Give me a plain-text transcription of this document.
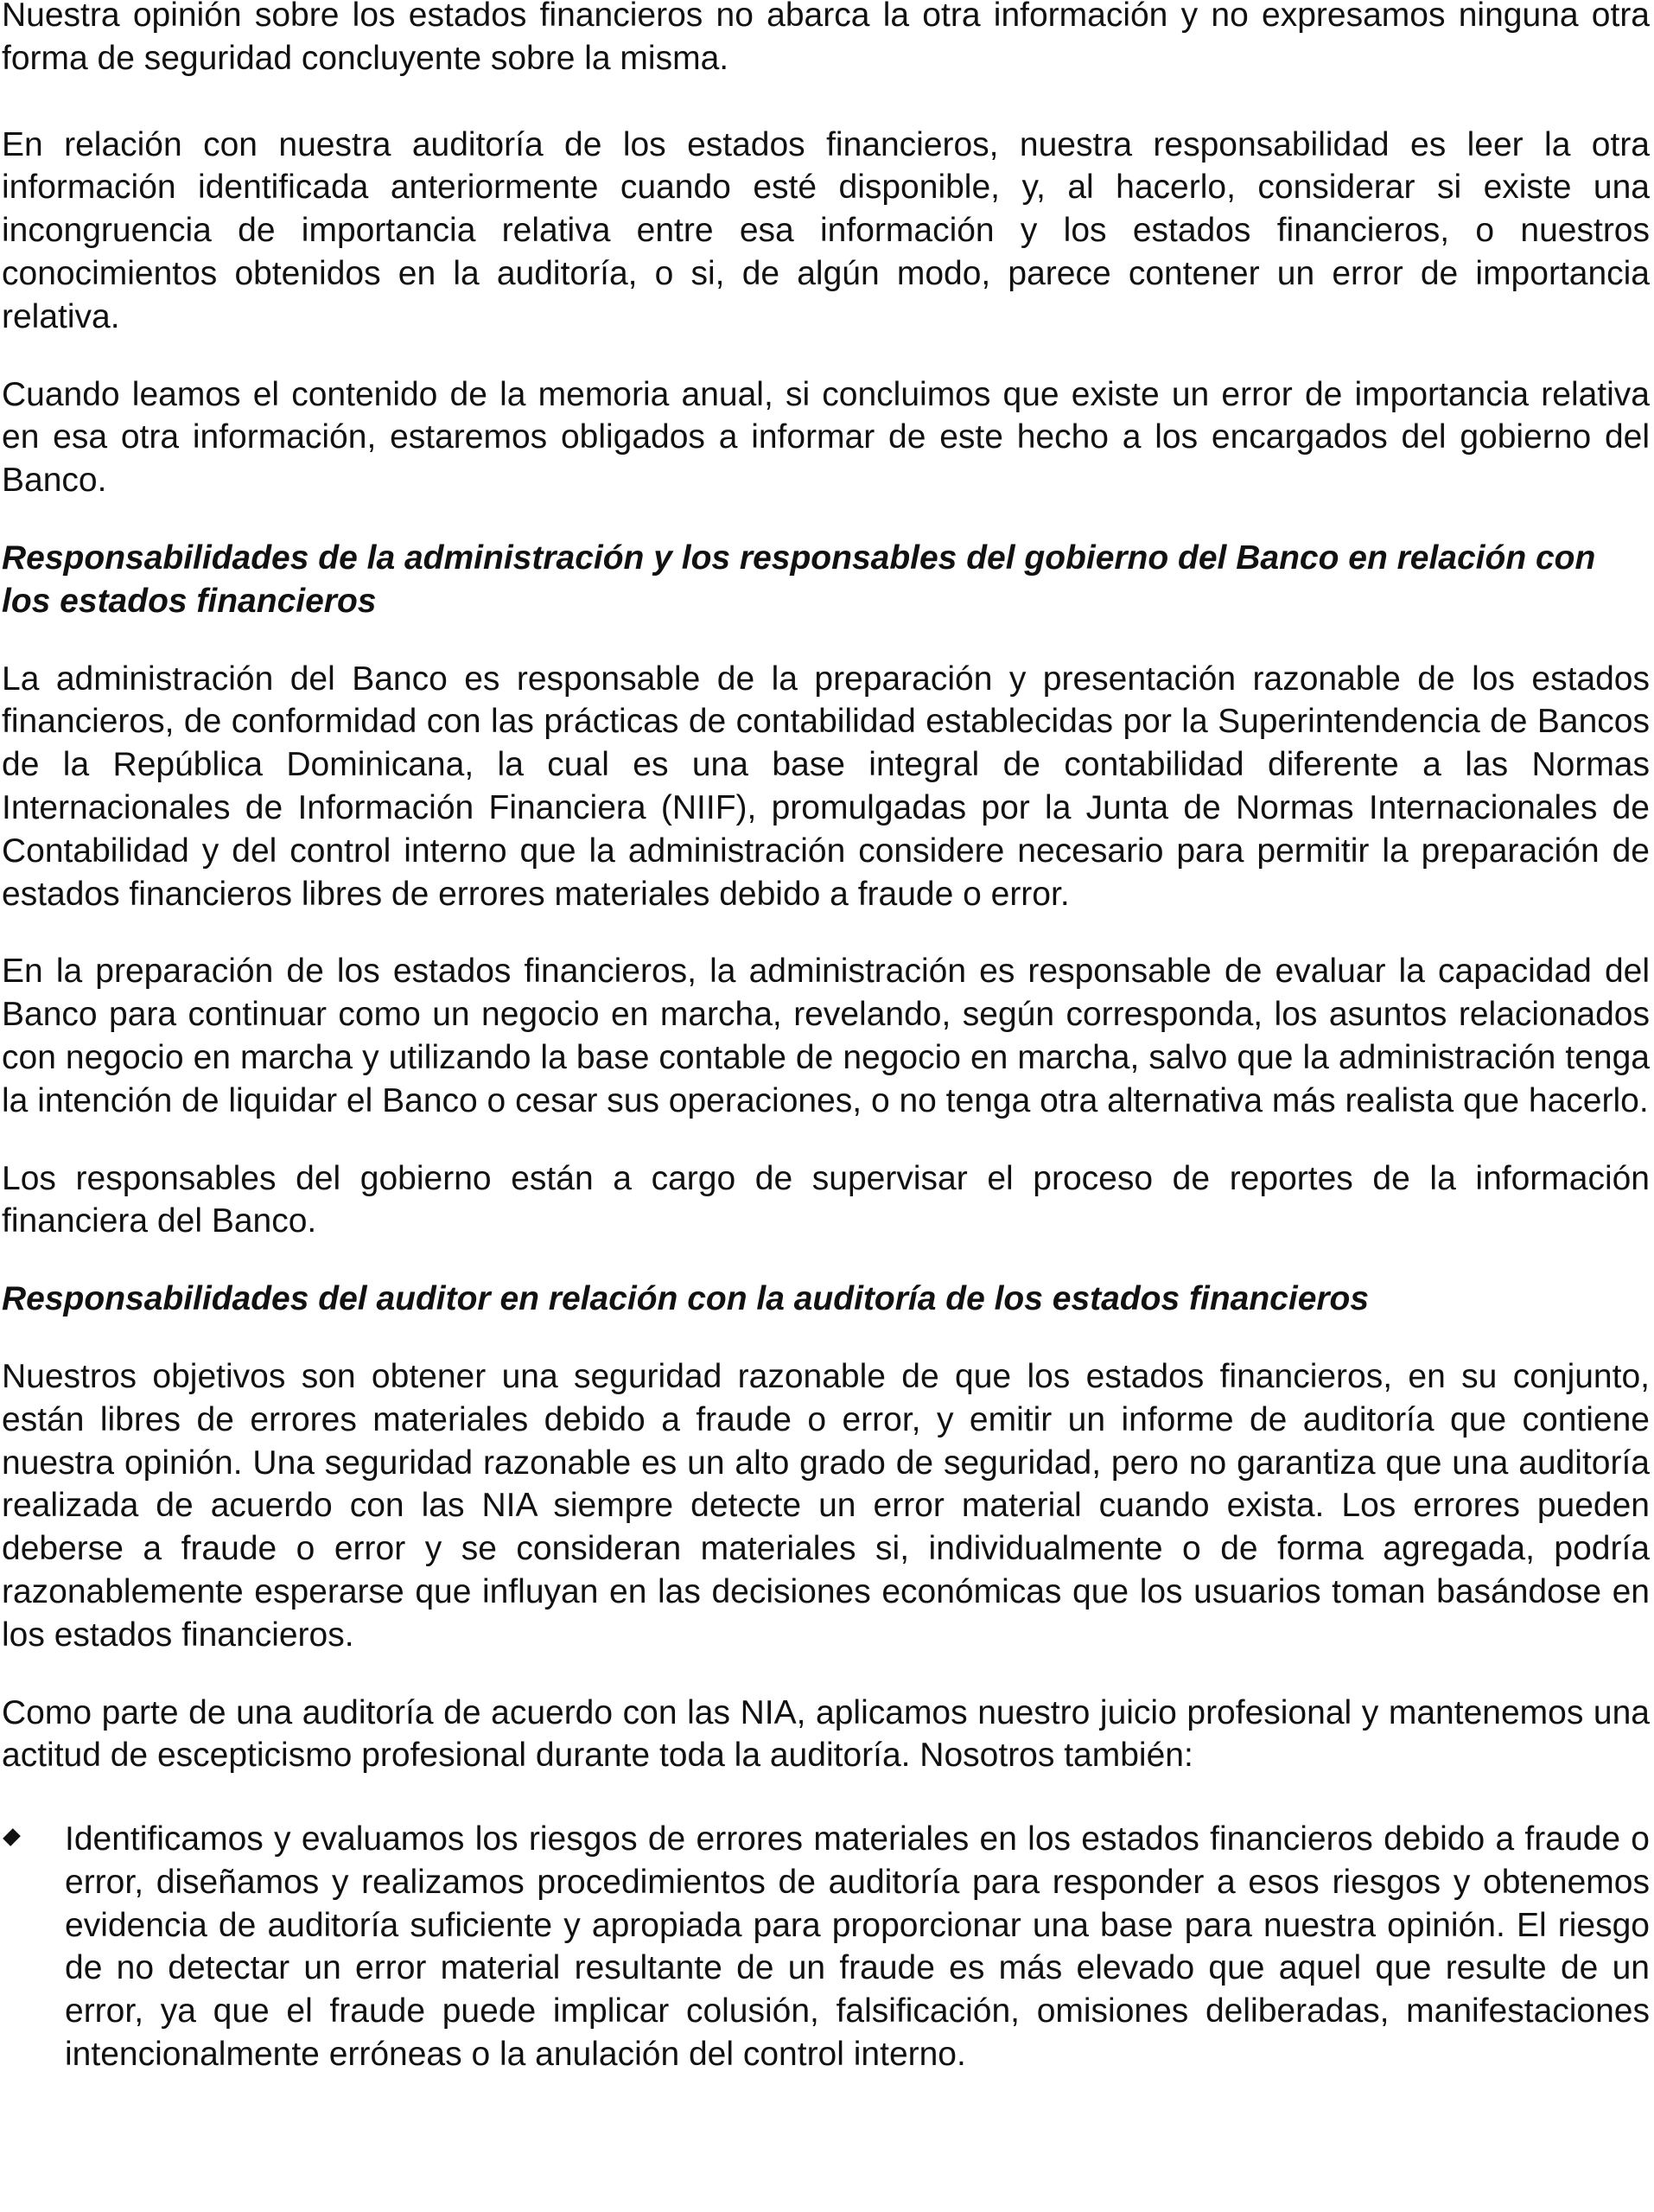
Nuestra opinión sobre los estados financieros no abarca la otra información y no expresamos ninguna otra forma de seguridad concluyente sobre la misma.

En relación con nuestra auditoría de los estados financieros, nuestra responsabilidad es leer la otra información identificada anteriormente cuando esté disponible, y, al hacerlo, considerar si existe una incongruencia de importancia relativa entre esa información y los estados financieros, o nuestros conocimientos obtenidos en la auditoría, o si, de algún modo, parece contener un error de importancia relativa.

Cuando leamos el contenido de la memoria anual, si concluimos que existe un error de importancia relativa en esa otra información, estaremos obligados a informar de este hecho a los encargados del gobierno del Banco.

Responsabilidades de la administración y los responsables del gobierno del Banco en relación con los estados financieros

La administración del Banco es responsable de la preparación y presentación razonable de los estados financieros, de conformidad con las prácticas de contabilidad establecidas por la Superintendencia de Bancos de la República Dominicana, la cual es una base integral de contabilidad diferente a las Normas Internacionales de Información Financiera (NIIF), promulgadas por la Junta de Normas Internacionales de Contabilidad y del control interno que la administración considere necesario para permitir la preparación de estados financieros libres de errores materiales debido a fraude o error.

En la preparación de los estados financieros, la administración es responsable de evaluar la capacidad del Banco para continuar como un negocio en marcha, revelando, según corresponda, los asuntos relacionados con negocio en marcha y utilizando la base contable de negocio en marcha, salvo que la administración tenga la intención de liquidar el Banco o cesar sus operaciones, o no tenga otra alternativa más realista que hacerlo.

Los responsables del gobierno están a cargo de supervisar el proceso de reportes de la información financiera del Banco.

Responsabilidades del auditor en relación con la auditoría de los estados financieros

Nuestros objetivos son obtener una seguridad razonable de que los estados financieros, en su conjunto, están libres de errores materiales debido a fraude o error, y emitir un informe de auditoría que contiene nuestra opinión. Una seguridad razonable es un alto grado de seguridad, pero no garantiza que una auditoría realizada de acuerdo con las NIA siempre detecte un error material cuando exista. Los errores pueden deberse a fraude o error y se consideran materiales si, individualmente o de forma agregada, podría razonablemente esperarse que influyan en las decisiones económicas que los usuarios toman basándose en los estados financieros.

Como parte de una auditoría de acuerdo con las NIA, aplicamos nuestro juicio profesional y mantenemos una actitud de escepticismo profesional durante toda la auditoría. Nosotros también:

Identificamos y evaluamos los riesgos de errores materiales en los estados financieros debido a fraude o error, diseñamos y realizamos procedimientos de auditoría para responder a esos riesgos y obtenemos evidencia de auditoría suficiente y apropiada para proporcionar una base para nuestra opinión. El riesgo de no detectar un error material resultante de un fraude es más elevado que aquel que resulte de un error, ya que el fraude puede implicar colusión, falsificación, omisiones deliberadas, manifestaciones intencionalmente erróneas o la anulación del control interno.
